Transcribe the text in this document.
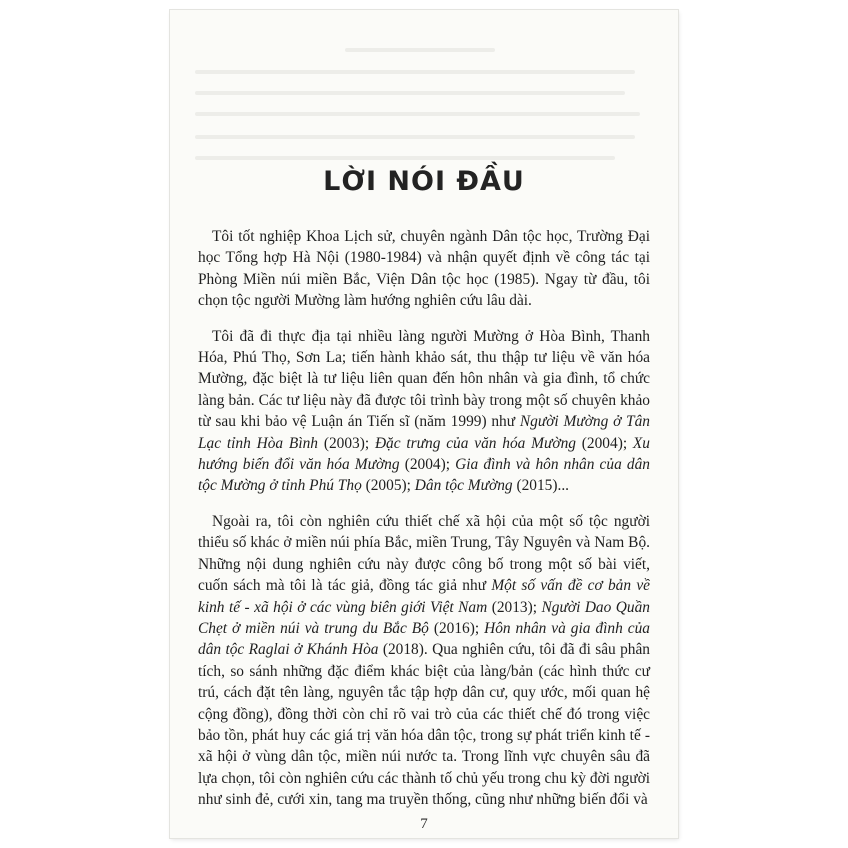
LỜI NÓI ĐẦU

Tôi tốt nghiệp Khoa Lịch sử, chuyên ngành Dân tộc học, Trường Đại học Tổng hợp Hà Nội (1980-1984) và nhận quyết định về công tác tại Phòng Miền núi miền Bắc, Viện Dân tộc học (1985). Ngay từ đầu, tôi chọn tộc người Mường làm hướng nghiên cứu lâu dài.

Tôi đã đi thực địa tại nhiều làng người Mường ở Hòa Bình, Thanh Hóa, Phú Thọ, Sơn La; tiến hành khảo sát, thu thập tư liệu về văn hóa Mường, đặc biệt là tư liệu liên quan đến hôn nhân và gia đình, tổ chức làng bản. Các tư liệu này đã được tôi trình bày trong một số chuyên khảo từ sau khi bảo vệ Luận án Tiến sĩ (năm 1999) như Người Mường ở Tân Lạc tỉnh Hòa Bình (2003); Đặc trưng của văn hóa Mường (2004); Xu hướng biến đổi văn hóa Mường (2004); Gia đình và hôn nhân của dân tộc Mường ở tỉnh Phú Thọ (2005); Dân tộc Mường (2015)...

Ngoài ra, tôi còn nghiên cứu thiết chế xã hội của một số tộc người thiểu số khác ở miền núi phía Bắc, miền Trung, Tây Nguyên và Nam Bộ. Những nội dung nghiên cứu này được công bố trong một số bài viết, cuốn sách mà tôi là tác giả, đồng tác giả như Một số vấn đề cơ bản về kinh tế - xã hội ở các vùng biên giới Việt Nam (2013); Người Dao Quần Chẹt ở miền núi và trung du Bắc Bộ (2016); Hôn nhân và gia đình của dân tộc Raglai ở Khánh Hòa (2018). Qua nghiên cứu, tôi đã đi sâu phân tích, so sánh những đặc điểm khác biệt của làng/bản (các hình thức cư trú, cách đặt tên làng, nguyên tắc tập hợp dân cư, quy ước, mối quan hệ cộng đồng), đồng thời còn chỉ rõ vai trò của các thiết chế đó trong việc bảo tồn, phát huy các giá trị văn hóa dân tộc, trong sự phát triển kinh tế - xã hội ở vùng dân tộc, miền núi nước ta. Trong lĩnh vực chuyên sâu đã lựa chọn, tôi còn nghiên cứu các thành tố chủ yếu trong chu kỳ đời người như sinh đẻ, cưới xin, tang ma truyền thống, cũng như những biến đổi và

7
